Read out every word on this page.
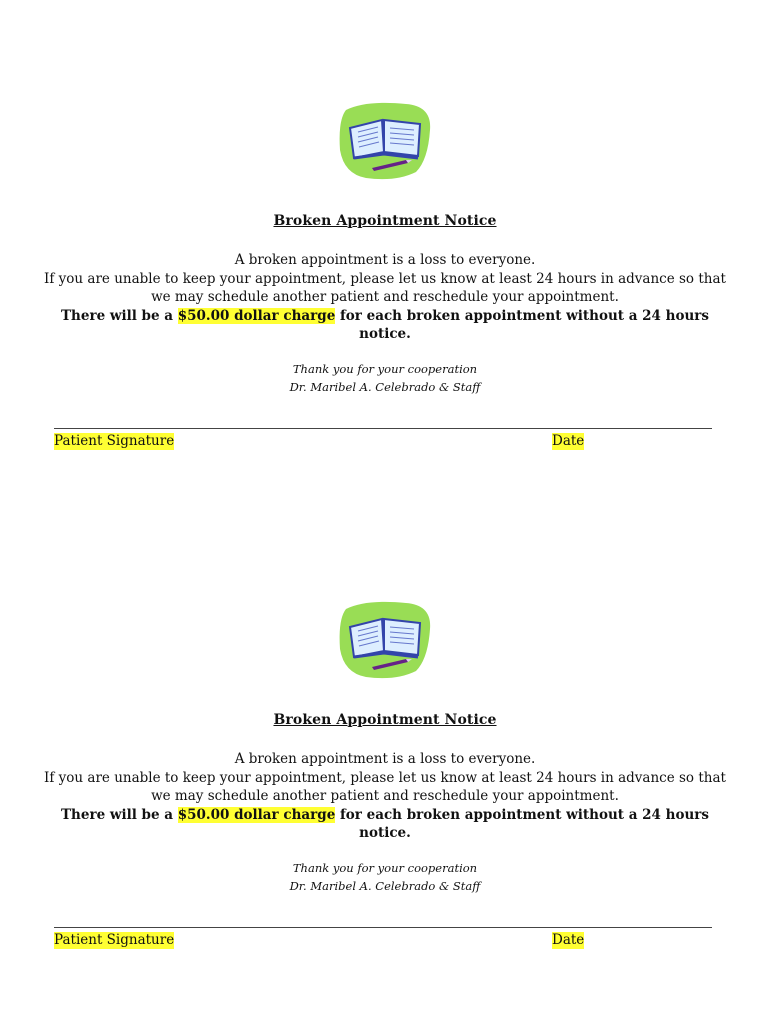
Broken Appointment Notice
A broken appointment is a loss to everyone.
If you are unable to keep your appointment, please let us know at least 24 hours in advance so that we may schedule another patient and reschedule your appointment.
There will be a $50.00 dollar charge for each broken appointment without a 24 hours notice.
Thank you for your cooperation
Dr. Maribel A. Celebrado & Staff
Patient Signature	Date
Broken Appointment Notice
A broken appointment is a loss to everyone.
If you are unable to keep your appointment, please let us know at least 24 hours in advance so that we may schedule another patient and reschedule your appointment.
There will be a $50.00 dollar charge for each broken appointment without a 24 hours notice.
Thank you for your cooperation
Dr. Maribel A. Celebrado & Staff
Patient Signature	Date
